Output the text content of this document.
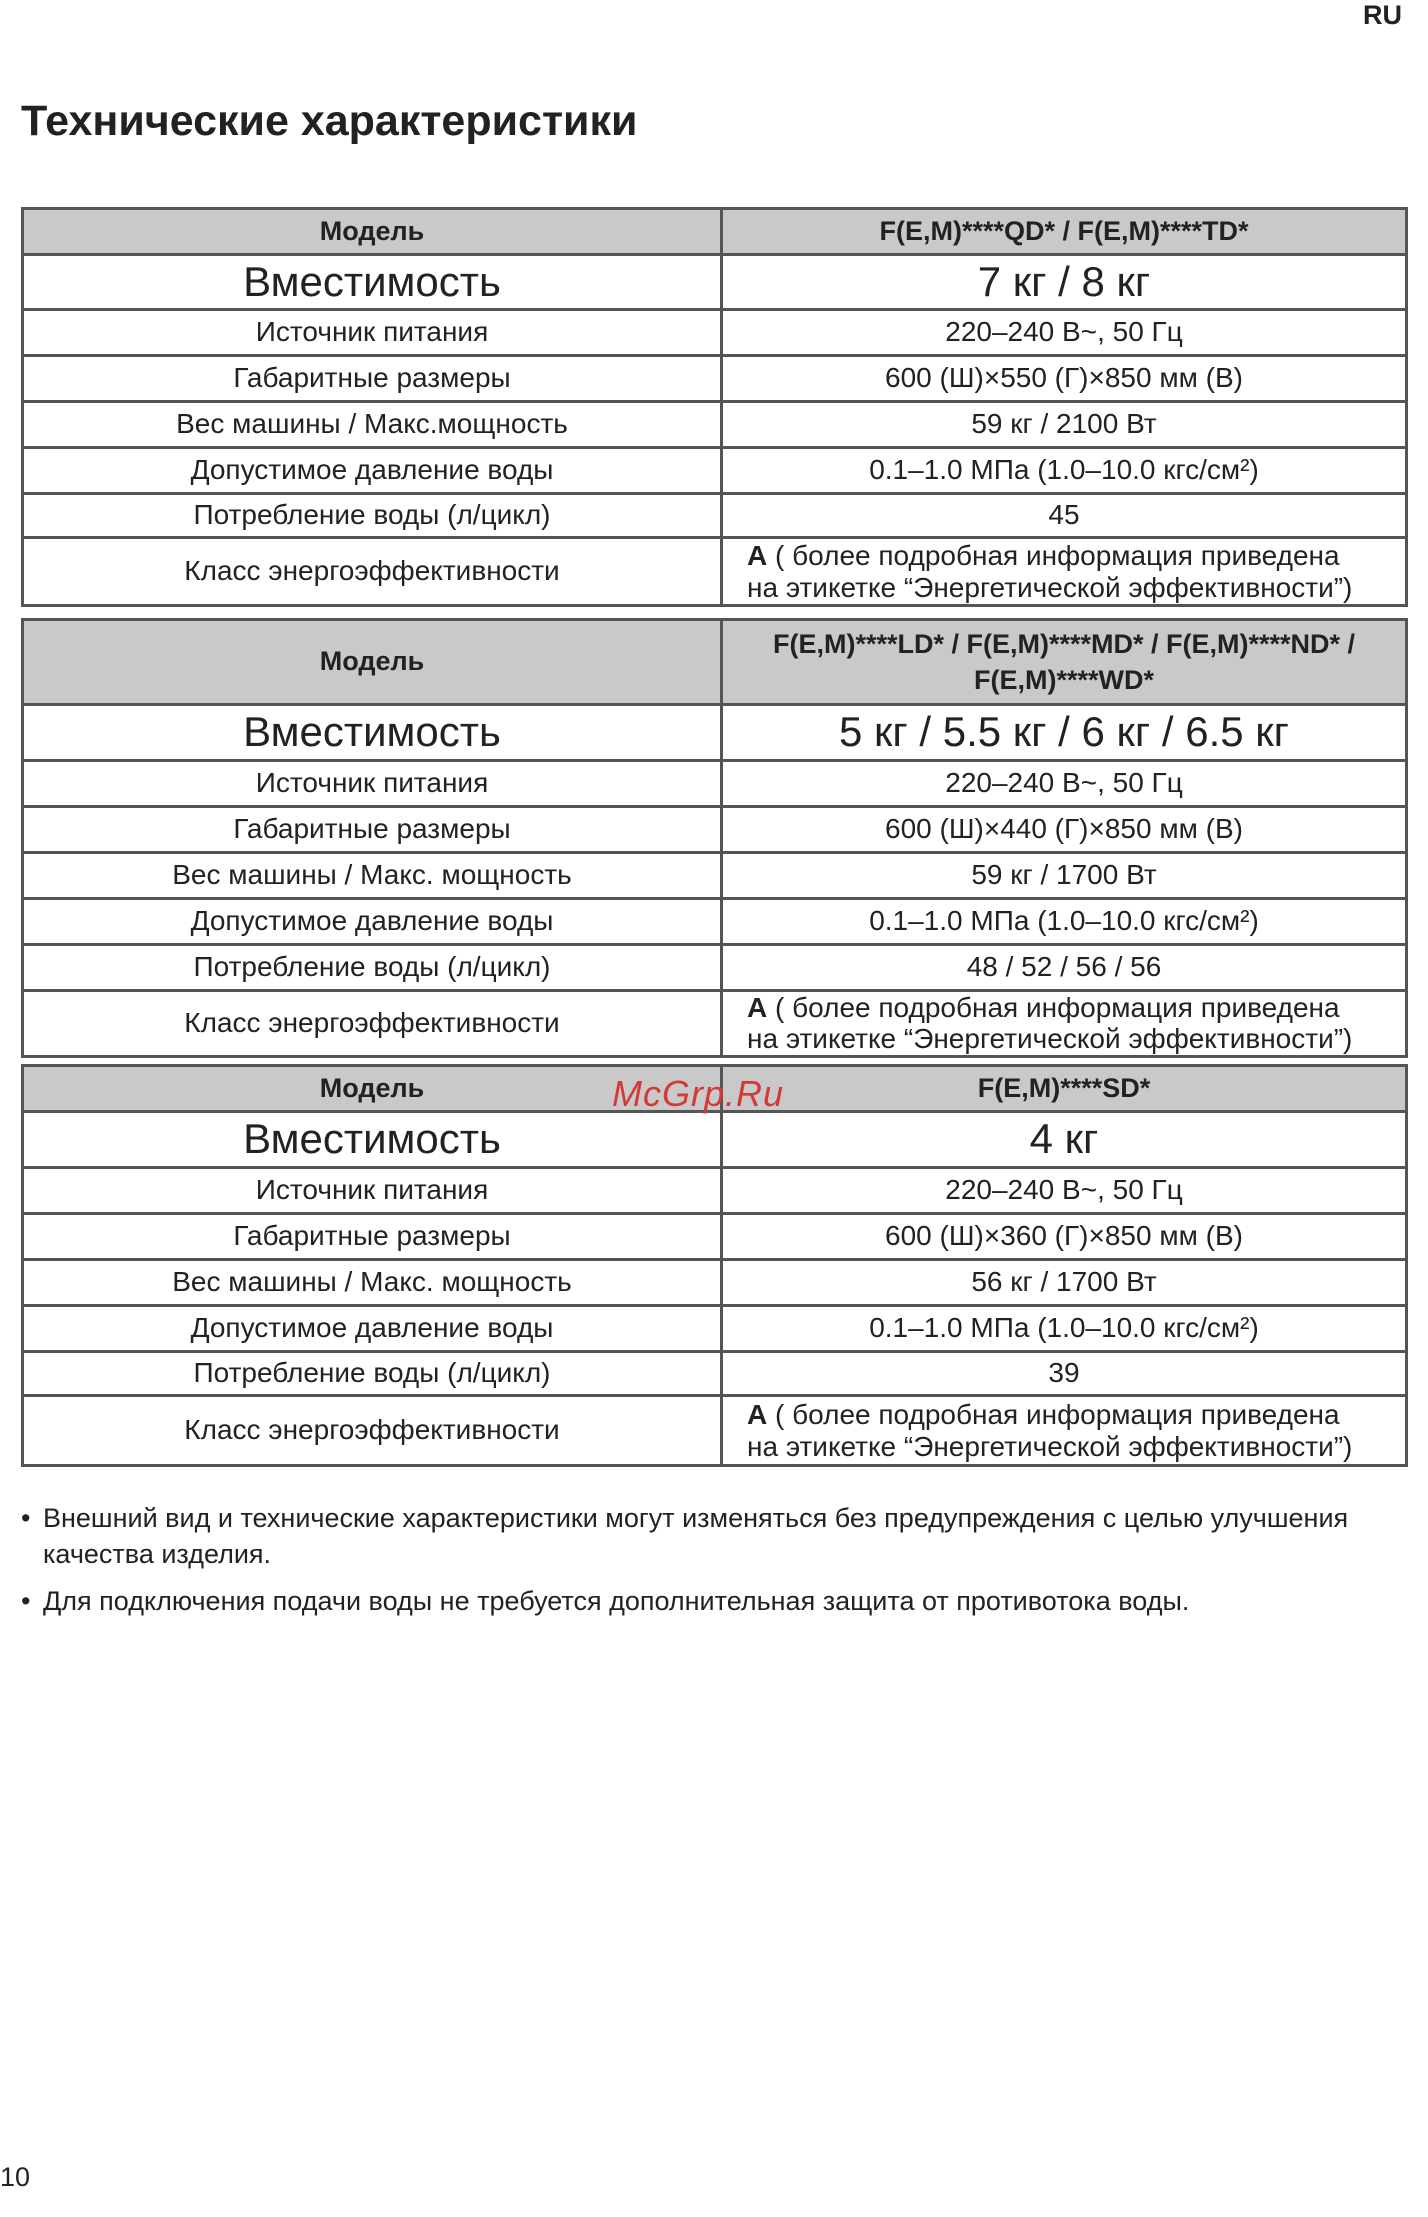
RU
Технические характеристики
Модель	F(E,M)****QD* / F(E,M)****TD*
Вместимость	7 кг / 8 кг
Источник питания	220–240 В~, 50 Гц
Габаритные размеры	600 (Ш)×550 (Г)×850 мм (В)
Вес машины / Макс.мощность	59 кг / 2100 Вт
Допустимое давление воды	0.1–1.0 МПа (1.0–10.0 кгс/см²)
Потребление воды (л/цикл)	45
Класс энергоэффективности	A ( более подробная информация приведена
на этикетке “Энергетической эффективности”)
Модель	F(E,M)****LD* / F(E,M)****MD* / F(E,M)****ND* / F(E,M)****WD*
Вместимость	5 кг / 5.5 кг / 6 кг / 6.5 кг
Источник питания	220–240 В~, 50 Гц
Габаритные размеры	600 (Ш)×440 (Г)×850 мм (В)
Вес машины / Макс. мощность	59 кг / 1700 Вт
Допустимое давление воды	0.1–1.0 МПа (1.0–10.0 кгс/см²)
Потребление воды (л/цикл)	48 / 52 / 56 / 56
Класс энергоэффективности	A ( более подробная информация приведена
на этикетке “Энергетической эффективности”)
Модель	F(E,M)****SD*
Вместимость	4 кг
Источник питания	220–240 В~, 50 Гц
Габаритные размеры	600 (Ш)×360 (Г)×850 мм (В)
Вес машины / Макс. мощность	56 кг / 1700 Вт
Допустимое давление воды	0.1–1.0 МПа (1.0–10.0 кгс/см²)
Потребление воды (л/цикл)	39
Класс энергоэффективности	A ( более подробная информация приведена
на этикетке “Энергетической эффективности”)
McGrp.Ru
• Внешний вид и технические характеристики могут изменяться без предупреждения с целью улучшения качества изделия.
• Для подключения подачи воды не требуется дополнительная защита от противотока воды.
10
